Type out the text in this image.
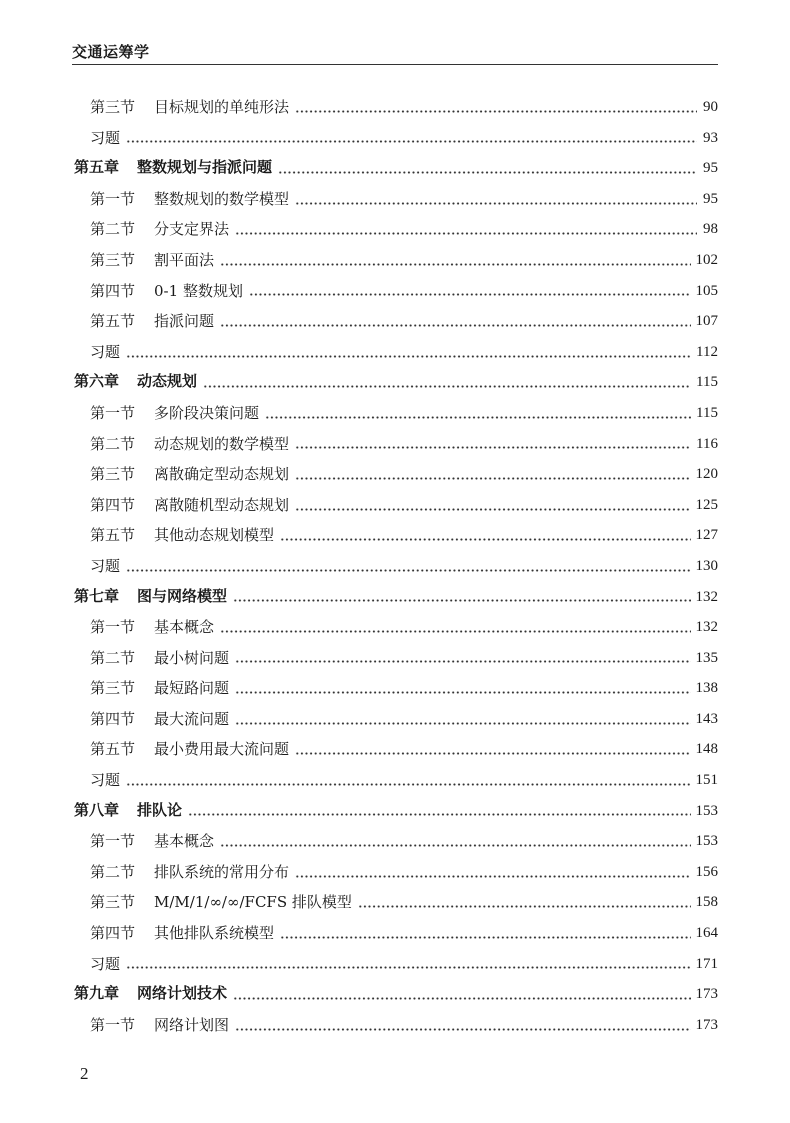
交通运筹学
第三节 目标规划的单纯形法	90
习题	93
第五章 整数规划与指派问题	95
第一节 整数规划的数学模型	95
第二节 分支定界法	98
第三节 割平面法	102
第四节 0-1 整数规划	105
第五节 指派问题	107
习题	112
第六章 动态规划	115
第一节 多阶段决策问题	115
第二节 动态规划的数学模型	116
第三节 离散确定型动态规划	120
第四节 离散随机型动态规划	125
第五节 其他动态规划模型	127
习题	130
第七章 图与网络模型	132
第一节 基本概念	132
第二节 最小树问题	135
第三节 最短路问题	138
第四节 最大流问题	143
第五节 最小费用最大流问题	148
习题	151
第八章 排队论	153
第一节 基本概念	153
第二节 排队系统的常用分布	156
第三节 M/M/1/∞/∞/FCFS 排队模型	158
第四节 其他排队系统模型	164
习题	171
第九章 网络计划技术	173
第一节 网络计划图	173
2
